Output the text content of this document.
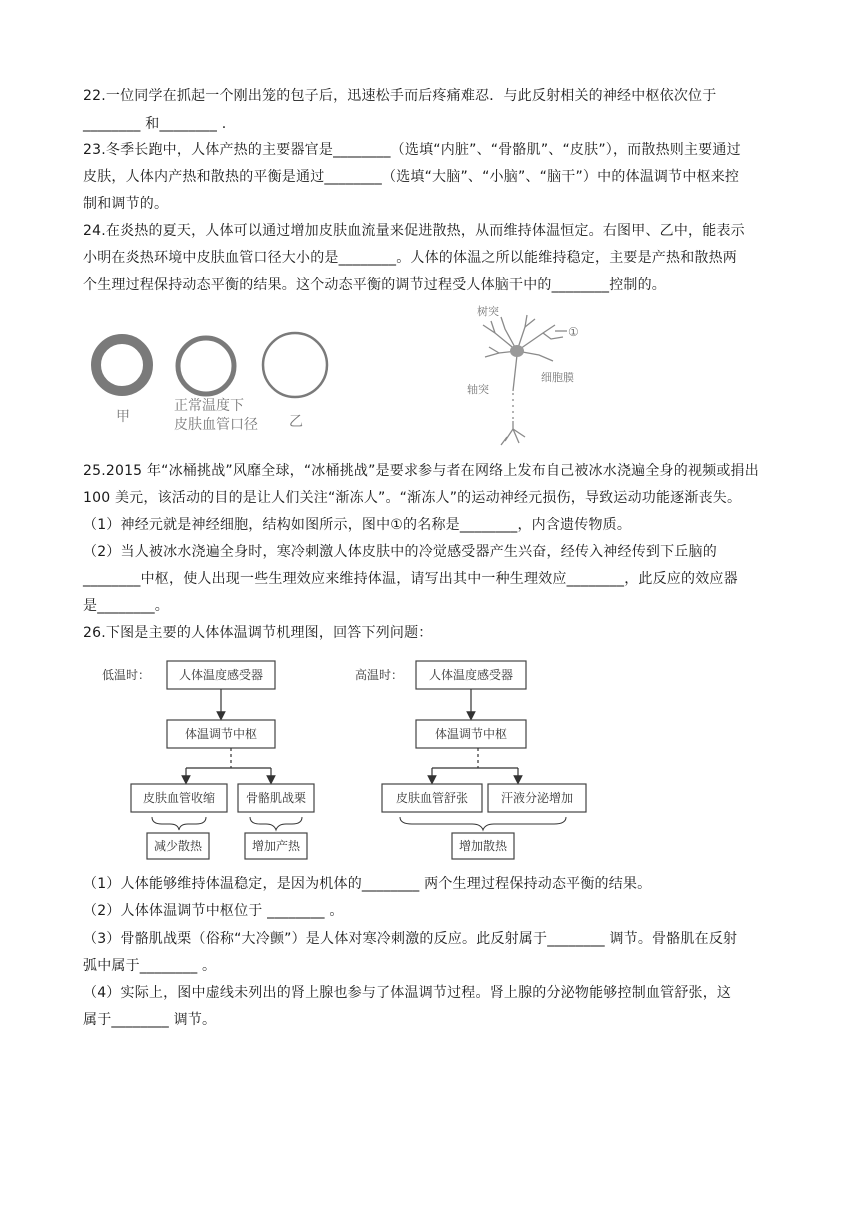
22.一位同学在抓起一个刚出笼的包子后，迅速松手而后疼痛难忍．与此反射相关的神经中枢依次位于
________ 和________ .
23.冬季长跑中，人体产热的主要器官是________（选填“内脏”、“骨骼肌”、“皮肤”），而散热则主要通过
皮肤，人体内产热和散热的平衡是通过________（选填“大脑”、“小脑”、“脑干”）中的体温调节中枢来控
制和调节的。
24.在炎热的夏天，人体可以通过增加皮肤血流量来促进散热，从而维持体温恒定。右图甲、乙中，能表示
小明在炎热环境中皮肤血管口径大小的是________。人体的体温之所以能维持稳定，主要是产热和散热两
个生理过程保持动态平衡的结果。这个动态平衡的调节过程受人体脑干中的________控制的。
甲
正常温度下
皮肤血管口径 乙
树突
①
细胞膜
轴突
25.2015 年“冰桶挑战”风靡全球，“冰桶挑战”是要求参与者在网络上发布自己被冰水浇遍全身的视频或捐出
100 美元，该活动的目的是让人们关注“渐冻人”。“渐冻人”的运动神经元损伤，导致运动功能逐渐丧失。
（1）神经元就是神经细胞，结构如图所示，图中①的名称是________，内含遗传物质。
（2）当人被冰水浇遍全身时，寒冷刺激人体皮肤中的冷觉感受器产生兴奋，经传入神经传到下丘脑的
________中枢，使人出现一些生理效应来维持体温，请写出其中一种生理效应________，此反应的效应器
是________。
26.下图是主要的人体体温调节机理图，回答下列问题：
低温时： 人体温度感受器
体温调节中枢
皮肤血管收缩	骨骼肌战栗
减少散热	增加产热
高温时： 人体温度感受器
体温调节中枢
皮肤血管舒张	汗液分泌增加
增加散热
（1）人体能够维持体温稳定，是因为机体的________ 两个生理过程保持动态平衡的结果。
（2）人体体温调节中枢位于 ________ 。
（3）骨骼肌战栗（俗称“大冷颤”）是人体对寒冷刺激的反应。此反射属于________ 调节。骨骼肌在反射
弧中属于________ 。
（4）实际上，图中虚线未列出的肾上腺也参与了体温调节过程。肾上腺的分泌物能够控制血管舒张，这
属于________ 调节。
